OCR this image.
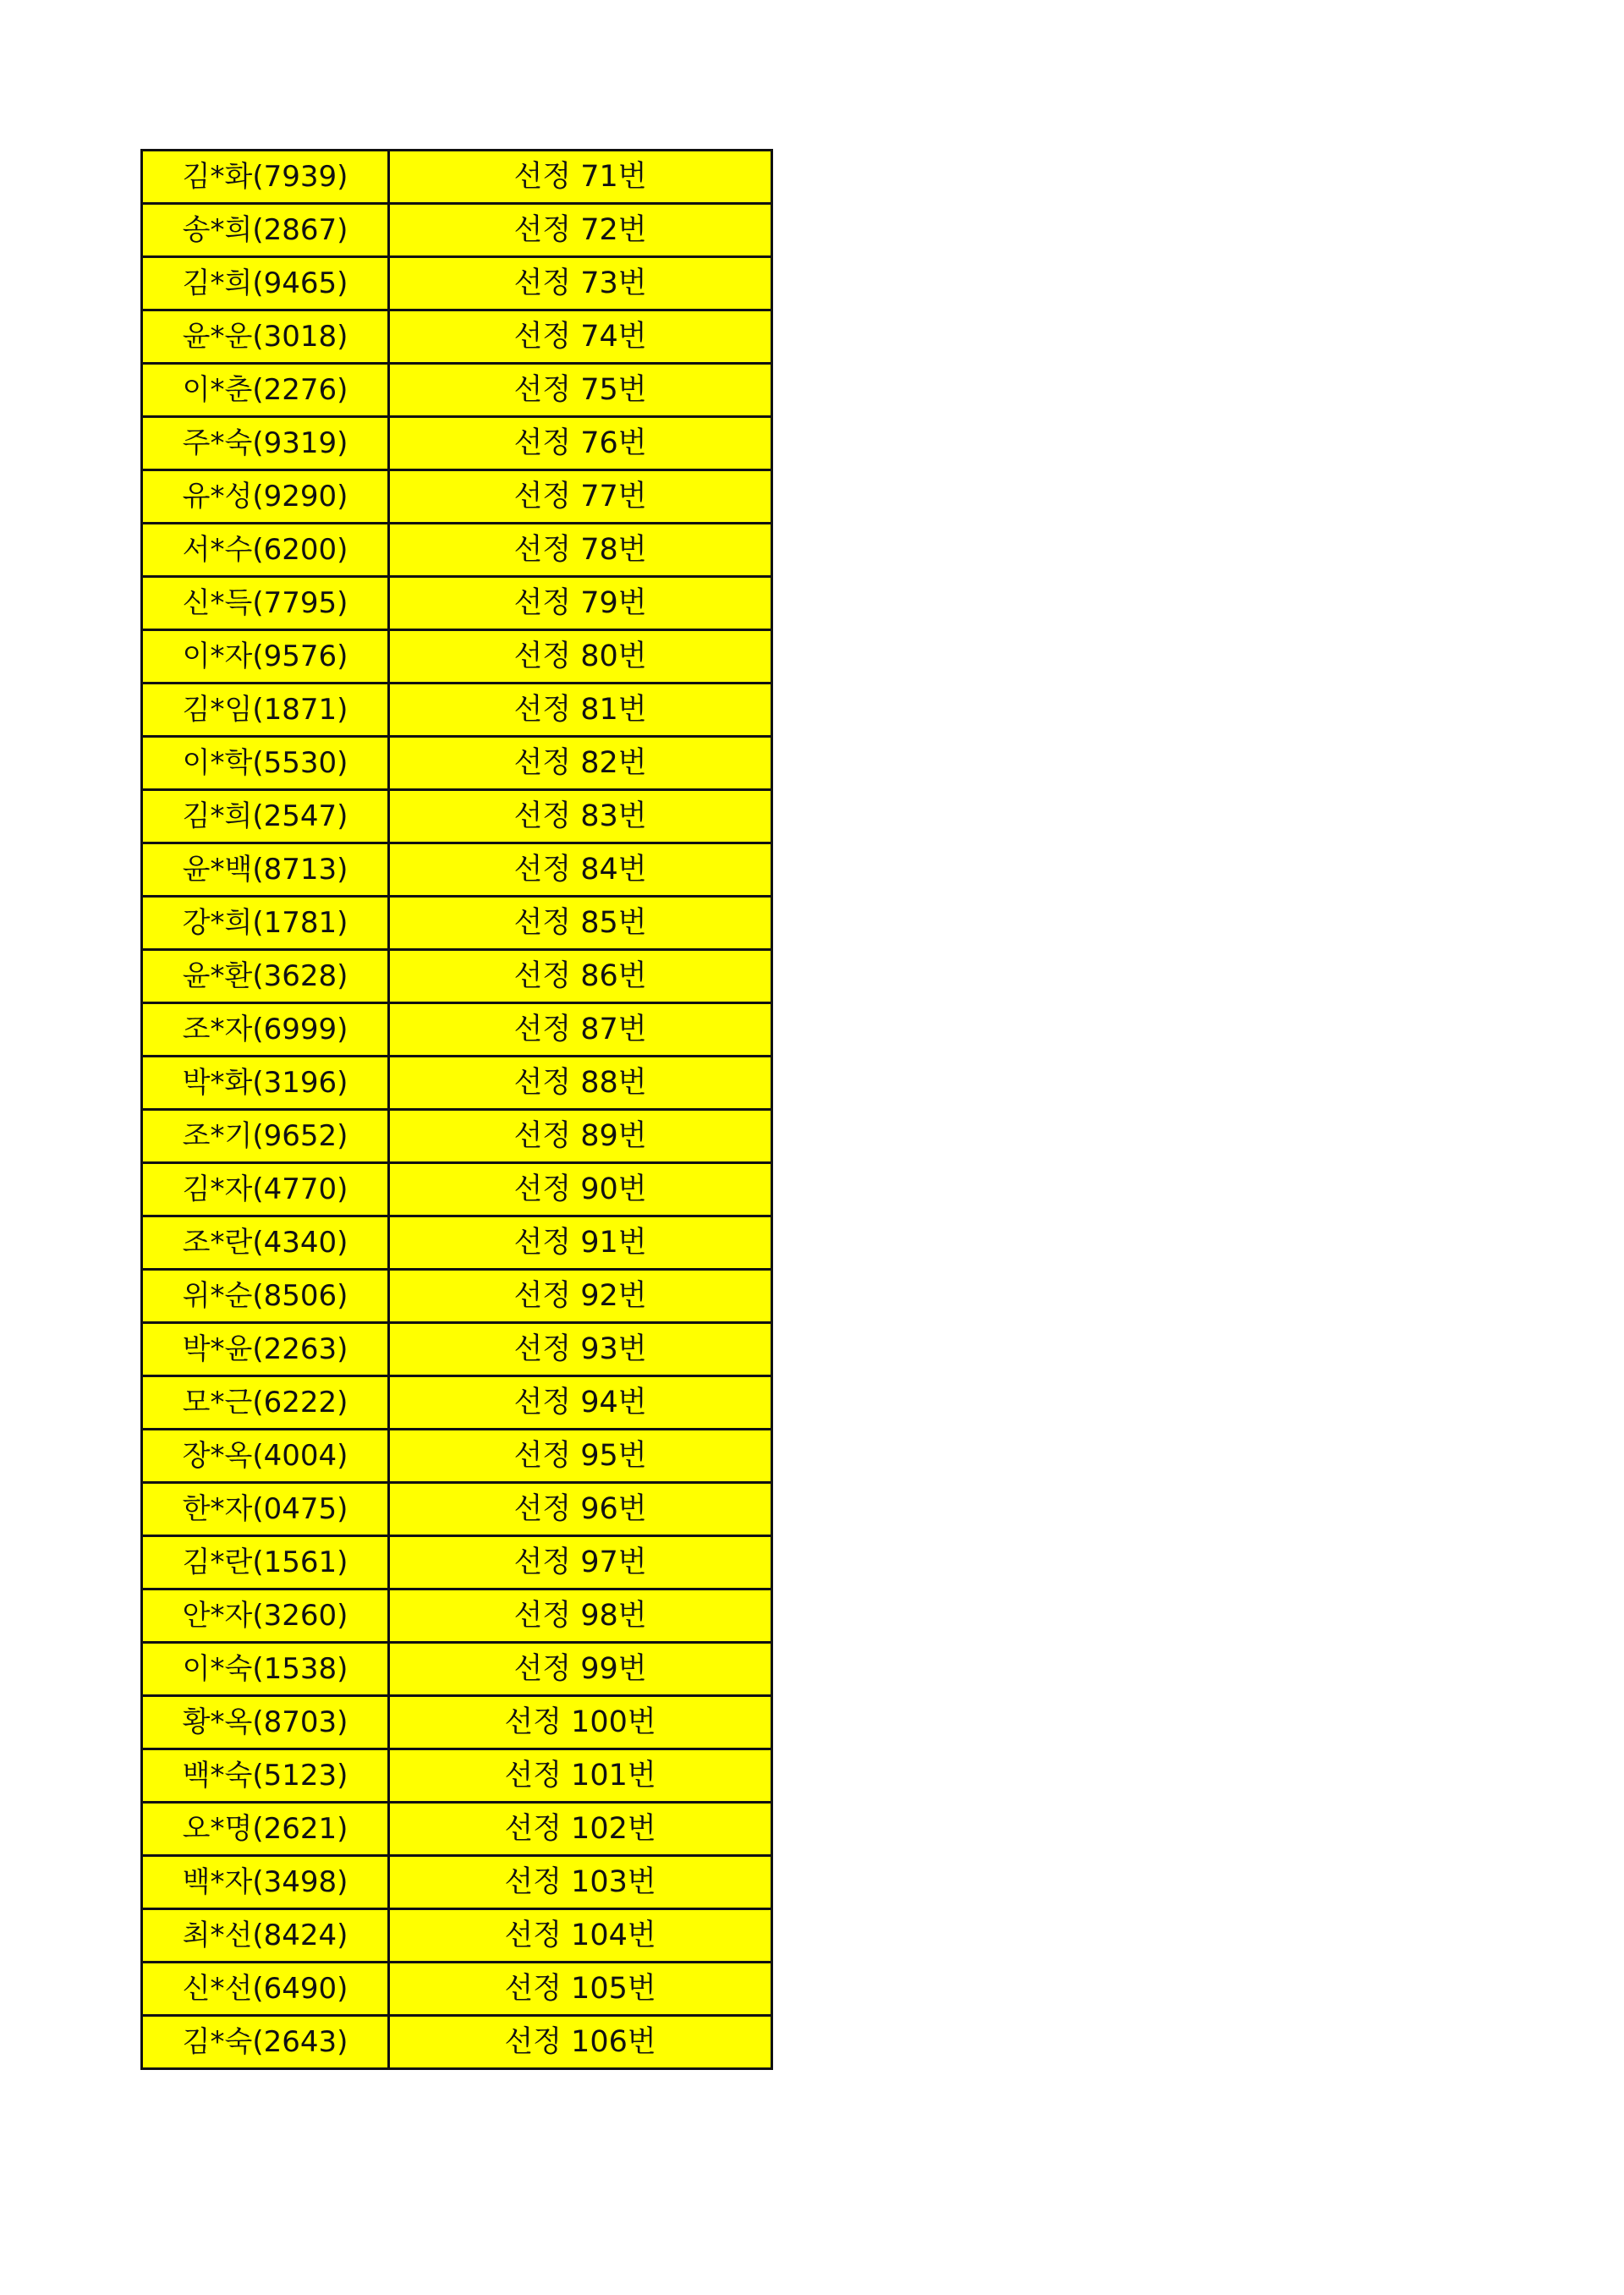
김*화(7939)	선정 71번
송*희(2867)	선정 72번
김*희(9465)	선정 73번
윤*운(3018)	선정 74번
이*춘(2276)	선정 75번
주*숙(9319)	선정 76번
유*성(9290)	선정 77번
서*수(6200)	선정 78번
신*득(7795)	선정 79번
이*자(9576)	선정 80번
김*임(1871)	선정 81번
이*학(5530)	선정 82번
김*희(2547)	선정 83번
윤*백(8713)	선정 84번
강*희(1781)	선정 85번
윤*환(3628)	선정 86번
조*자(6999)	선정 87번
박*화(3196)	선정 88번
조*기(9652)	선정 89번
김*자(4770)	선정 90번
조*란(4340)	선정 91번
위*순(8506)	선정 92번
박*윤(2263)	선정 93번
모*근(6222)	선정 94번
장*옥(4004)	선정 95번
한*자(0475)	선정 96번
김*란(1561)	선정 97번
안*자(3260)	선정 98번
이*숙(1538)	선정 99번
황*옥(8703)	선정 100번
백*숙(5123)	선정 101번
오*명(2621)	선정 102번
백*자(3498)	선정 103번
최*선(8424)	선정 104번
신*선(6490)	선정 105번
김*숙(2643)	선정 106번
